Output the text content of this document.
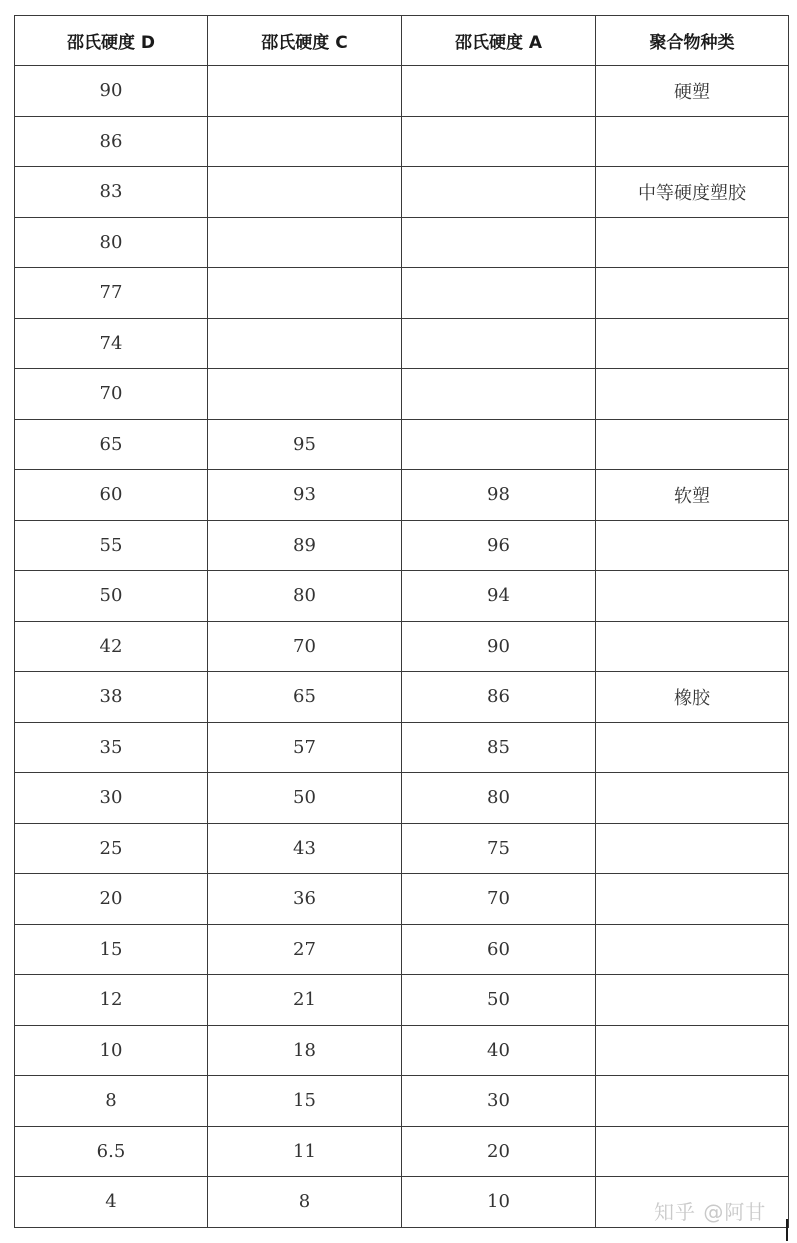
邵氏硬度 D	邵氏硬度 C	邵氏硬度 A	聚合物种类
90			硬塑
86			
83			中等硬度塑胶
80			
77			
74			
70			
65	95		
60	93	98	软塑
55	89	96	
50	80	94	
42	70	90	
38	65	86	橡胶
35	57	85	
30	50	80	
25	43	75	
20	36	70	
15	27	60	
12	21	50	
10	18	40	
8	15	30	
6.5	11	20	
4	8	10		知乎 @阿甘
